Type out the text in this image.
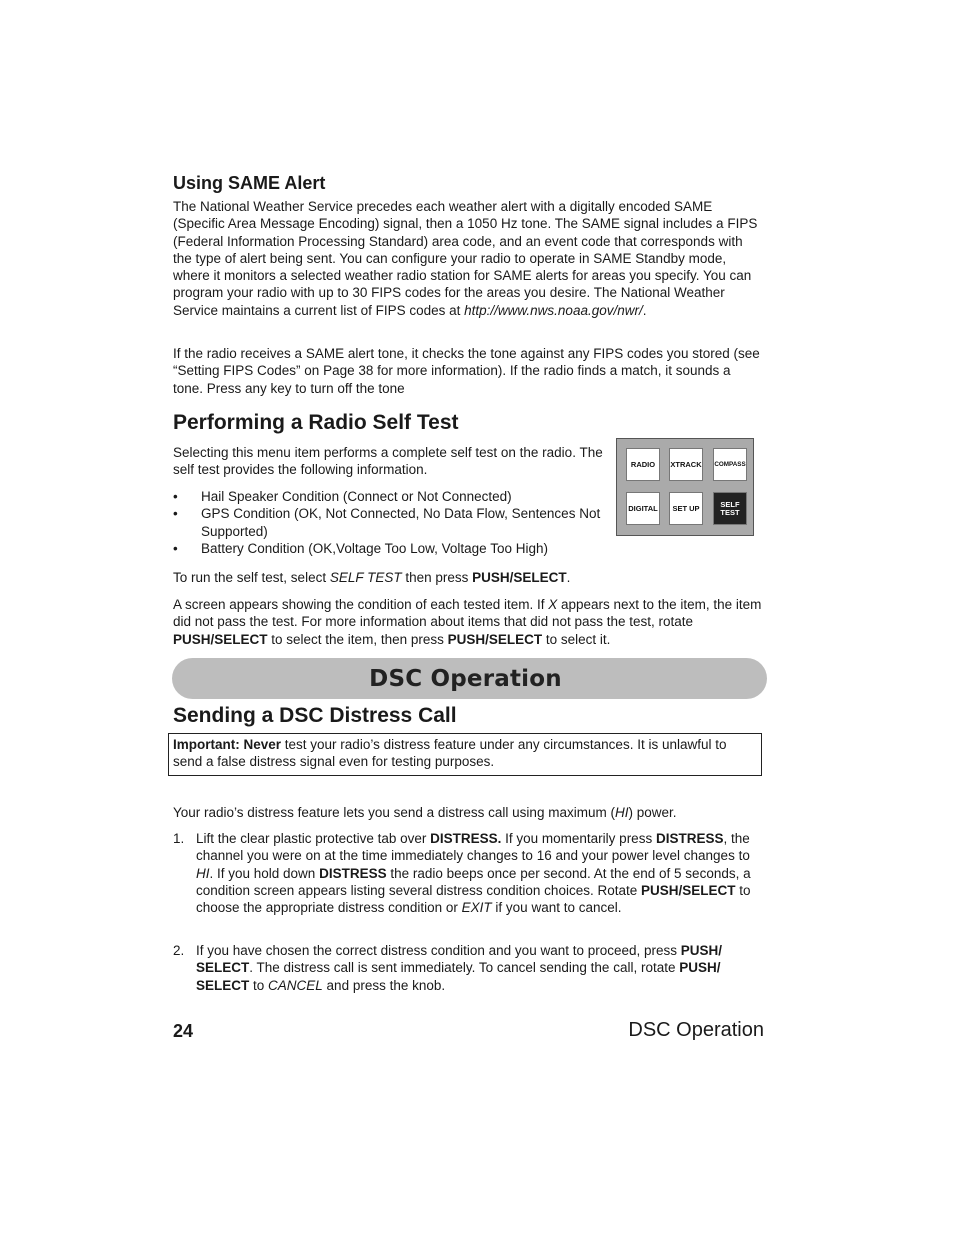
Using SAME Alert
The National Weather Service precedes each weather alert with a digitally encoded SAME (Specific Area Message Encoding) signal, then a 1050 Hz tone. The SAME signal includes a FIPS (Federal Information Processing Standard) area code, and an event code that corresponds with the type of alert being sent. You can configure your radio to operate in SAME Standby mode, where it monitors a selected weather radio station for SAME alerts for areas you specify. You can program your radio with up to 30 FIPS codes for the areas you desire. The National Weather Service maintains a current list of FIPS codes at http://www.nws.noaa.gov/nwr/.
If the radio receives a SAME alert tone, it checks the tone against any FIPS codes you stored (see “Setting FIPS Codes” on Page 38 for more information). If the radio finds a match, it sounds a tone. Press any key to turn off the tone
Performing a Radio Self Test
Selecting this menu item performs a complete self test on the radio. The self test provides the following information.
• Hail Speaker Condition (Connect or Not Connected)
• GPS Condition (OK, Not Connected, No Data Flow, Sentences Not Supported)
• Battery Condition (OK,Voltage Too Low, Voltage Too High)
RADIO	XTRACK COMPASS
DIGITAL	SET UP	SELF
TEST
To run the self test, select SELF TEST then press PUSH/SELECT.
A screen appears showing the condition of each tested item. If X appears next to the item, the item did not pass the test. For more information about items that did not pass the test, rotate PUSH/SELECT to select the item, then press PUSH/SELECT to select it.
DSC Operation
Sending a DSC Distress Call
Important: Never test your radio’s distress feature under any circumstances. It is unlawful to send a false distress signal even for testing purposes.
Your radio’s distress feature lets you send a distress call using maximum (HI) power.
1. Lift the clear plastic protective tab over DISTRESS. If you momentarily press DISTRESS, the channel you were on at the time immediately changes to 16 and your power level changes to HI. If you hold down DISTRESS the radio beeps once per second. At the end of 5 seconds, a condition screen appears listing several distress condition choices. Rotate PUSH/SELECT to choose the appropriate distress condition or EXIT if you want to cancel.
2. If you have chosen the correct distress condition and you want to proceed, press PUSH/ SELECT. The distress call is sent immediately. To cancel sending the call, rotate PUSH/ SELECT to CANCEL and press the knob.
24	DSC Operation
